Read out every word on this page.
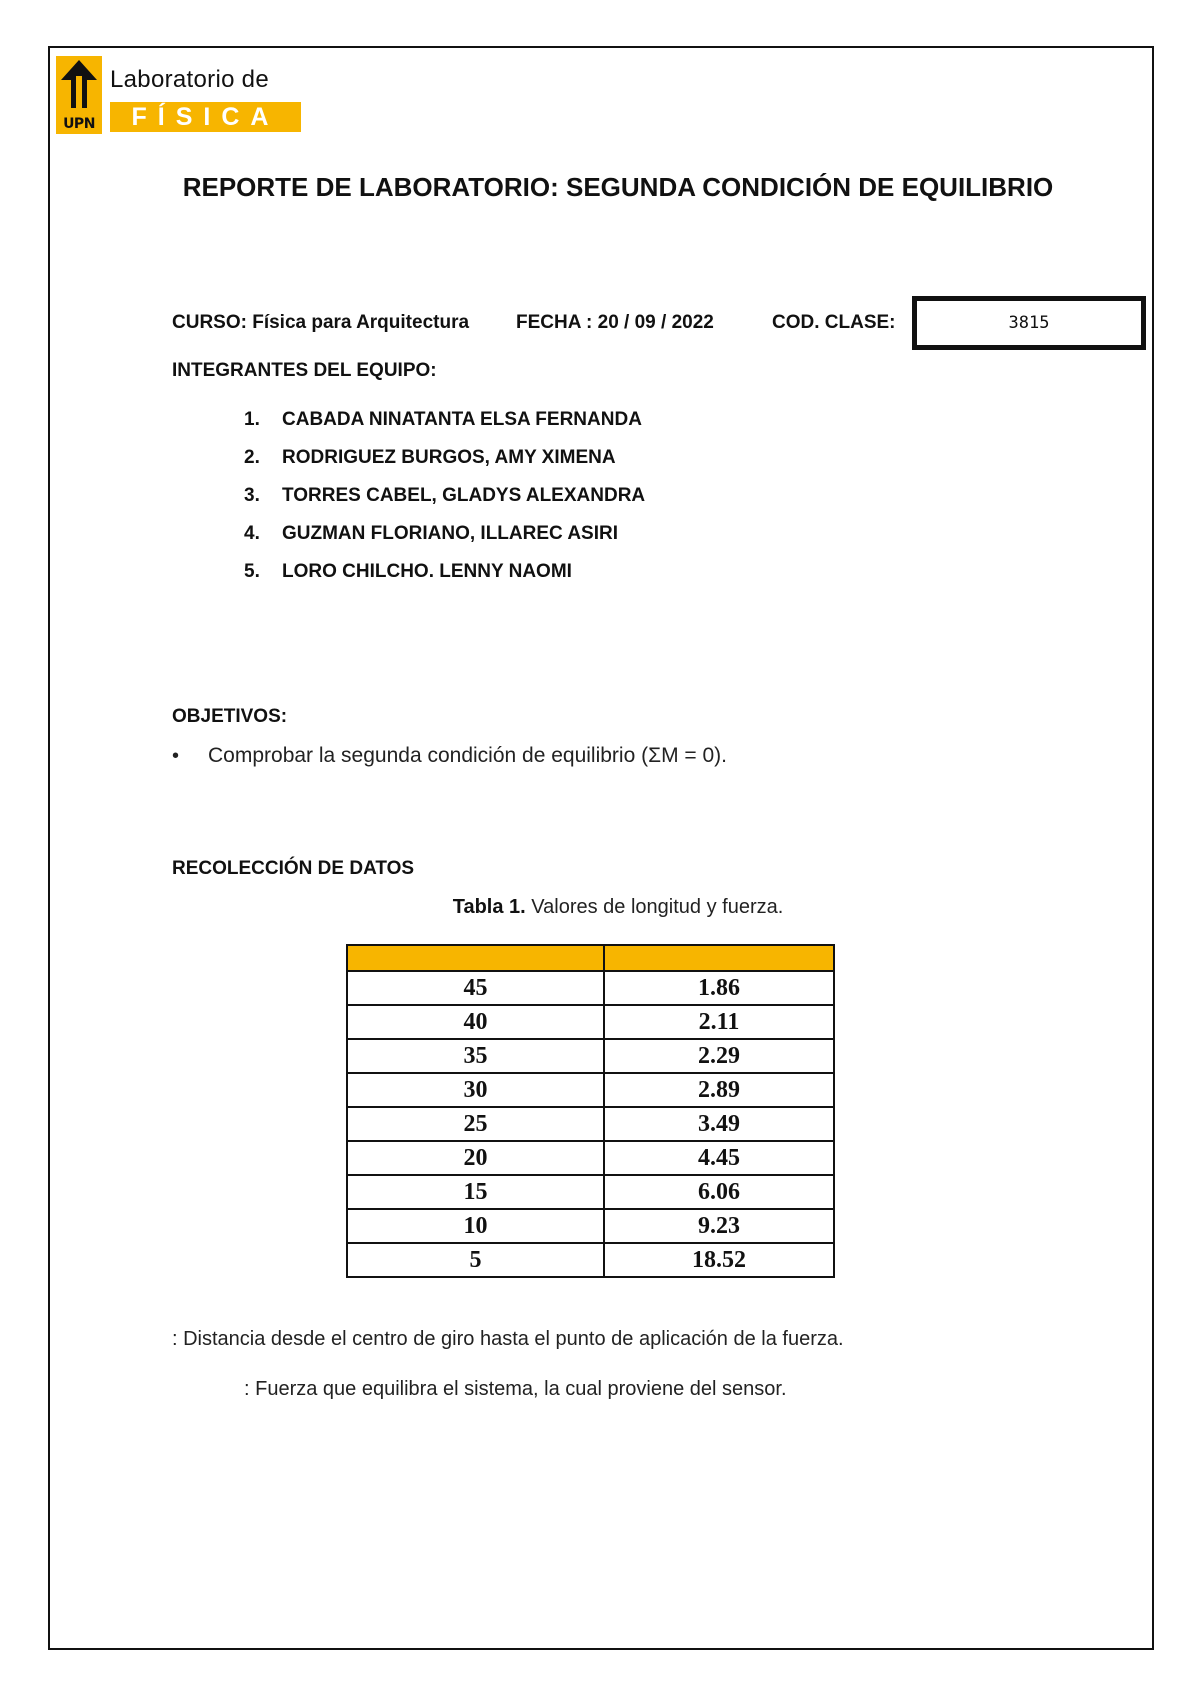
UPN
Laboratorio de
FÍSICA
REPORTE DE LABORATORIO: SEGUNDA CONDICIÓN DE EQUILIBRIO
CURSO: Física para Arquitectura FECHA : 20 / 09 / 2022	COD. CLASE:	3815
INTEGRANTES DEL EQUIPO:
1. CABADA NINATANTA ELSA FERNANDA
2. RODRIGUEZ BURGOS, AMY XIMENA
3. TORRES CABEL, GLADYS ALEXANDRA
4. GUZMAN FLORIANO, ILLAREC ASIRI
5. LORO CHILCHO. LENNY NAOMI
OBJETIVOS:
• Comprobar la segunda condición de equilibrio (ΣM = 0).
RECOLECCIÓN DE DATOS
Tabla 1. Valores de longitud y fuerza.

45	1.86
40	2.11
35	2.29
30	2.89
25	3.49
20	4.45
15	6.06
10	9.23
5	18.52
: Distancia desde el centro de giro hasta el punto de aplicación de la fuerza.
: Fuerza que equilibra el sistema, la cual proviene del sensor.
